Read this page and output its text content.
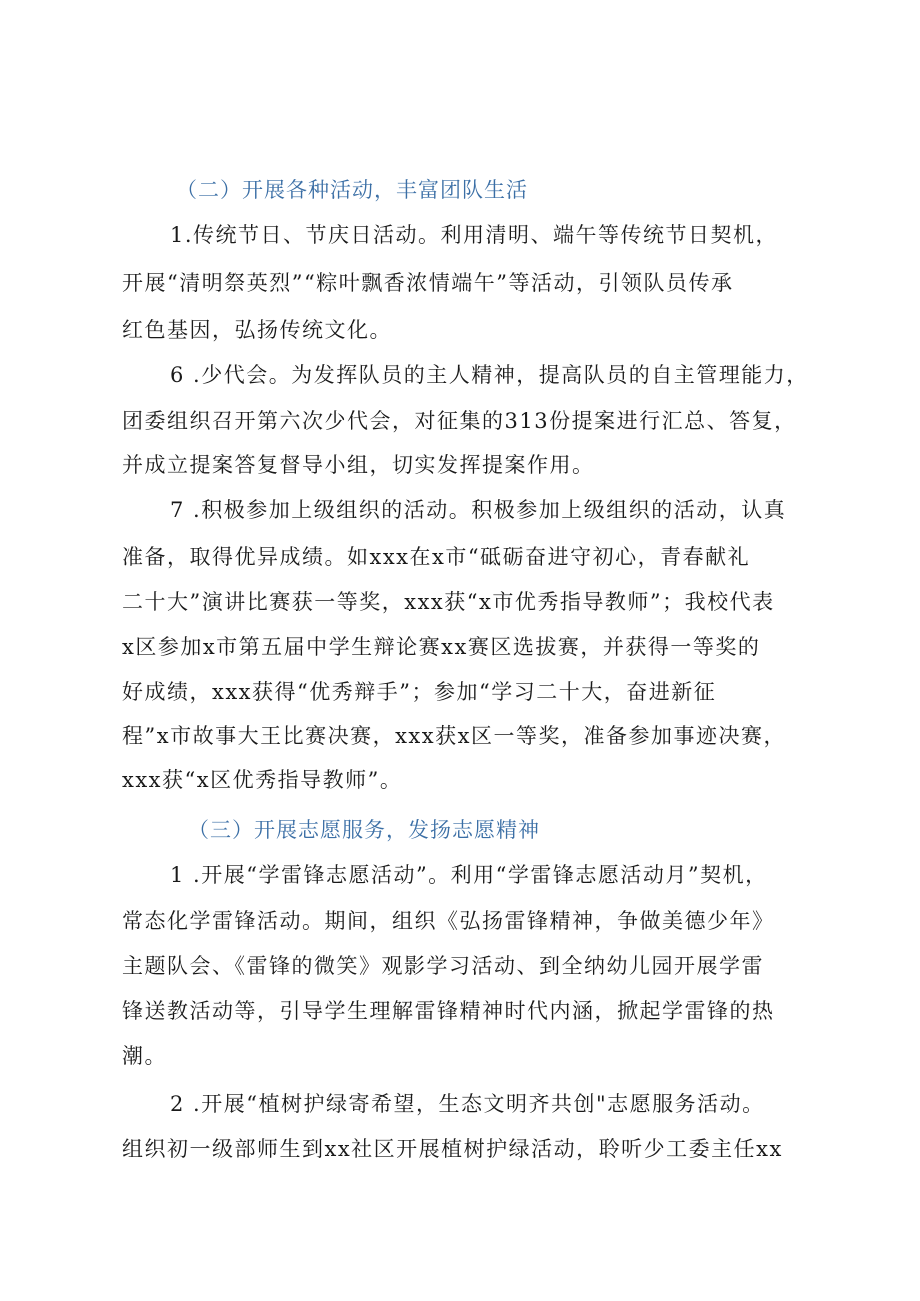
（二）开展各种活动，丰富团队生活
1.传统节日、节庆日活动。利用清明、端午等传统节日契机，
开展“清明祭英烈”“粽叶飘香浓情端午”等活动，引领队员传承
红色基因，弘扬传统文化。
6 .少代会。为发挥队员的主人精神，提高队员的自主管理能力，
团委组织召开第六次少代会，对征集的313份提案进行汇总、答复，
并成立提案答复督导小组，切实发挥提案作用。
7 .积极参加上级组织的活动。积极参加上级组织的活动，认真
准备，取得优异成绩。如xxx在x市“砥砺奋进守初心，青春献礼
二十大”演讲比赛获一等奖，xxx获“x市优秀指导教师”；我校代表
x区参加x市第五届中学生辩论赛xx赛区选拔赛，并获得一等奖的
好成绩，xxx获得“优秀辩手”；参加“学习二十大，奋进新征
程”x市故事大王比赛决赛，xxx获x区一等奖，准备参加事迹决赛，
xxx获“x区优秀指导教师”。
（三）开展志愿服务，发扬志愿精神
1 .开展“学雷锋志愿活动”。利用“学雷锋志愿活动月”契机，
常态化学雷锋活动。期间，组织《弘扬雷锋精神，争做美德少年》
主题队会、《雷锋的微笑》观影学习活动、到全纳幼儿园开展学雷
锋送教活动等，引导学生理解雷锋精神时代内涵，掀起学雷锋的热
潮。
2 .开展“植树护绿寄希望，生态文明齐共创"志愿服务活动。
组织初一级部师生到xx社区开展植树护绿活动，聆听少工委主任xx
